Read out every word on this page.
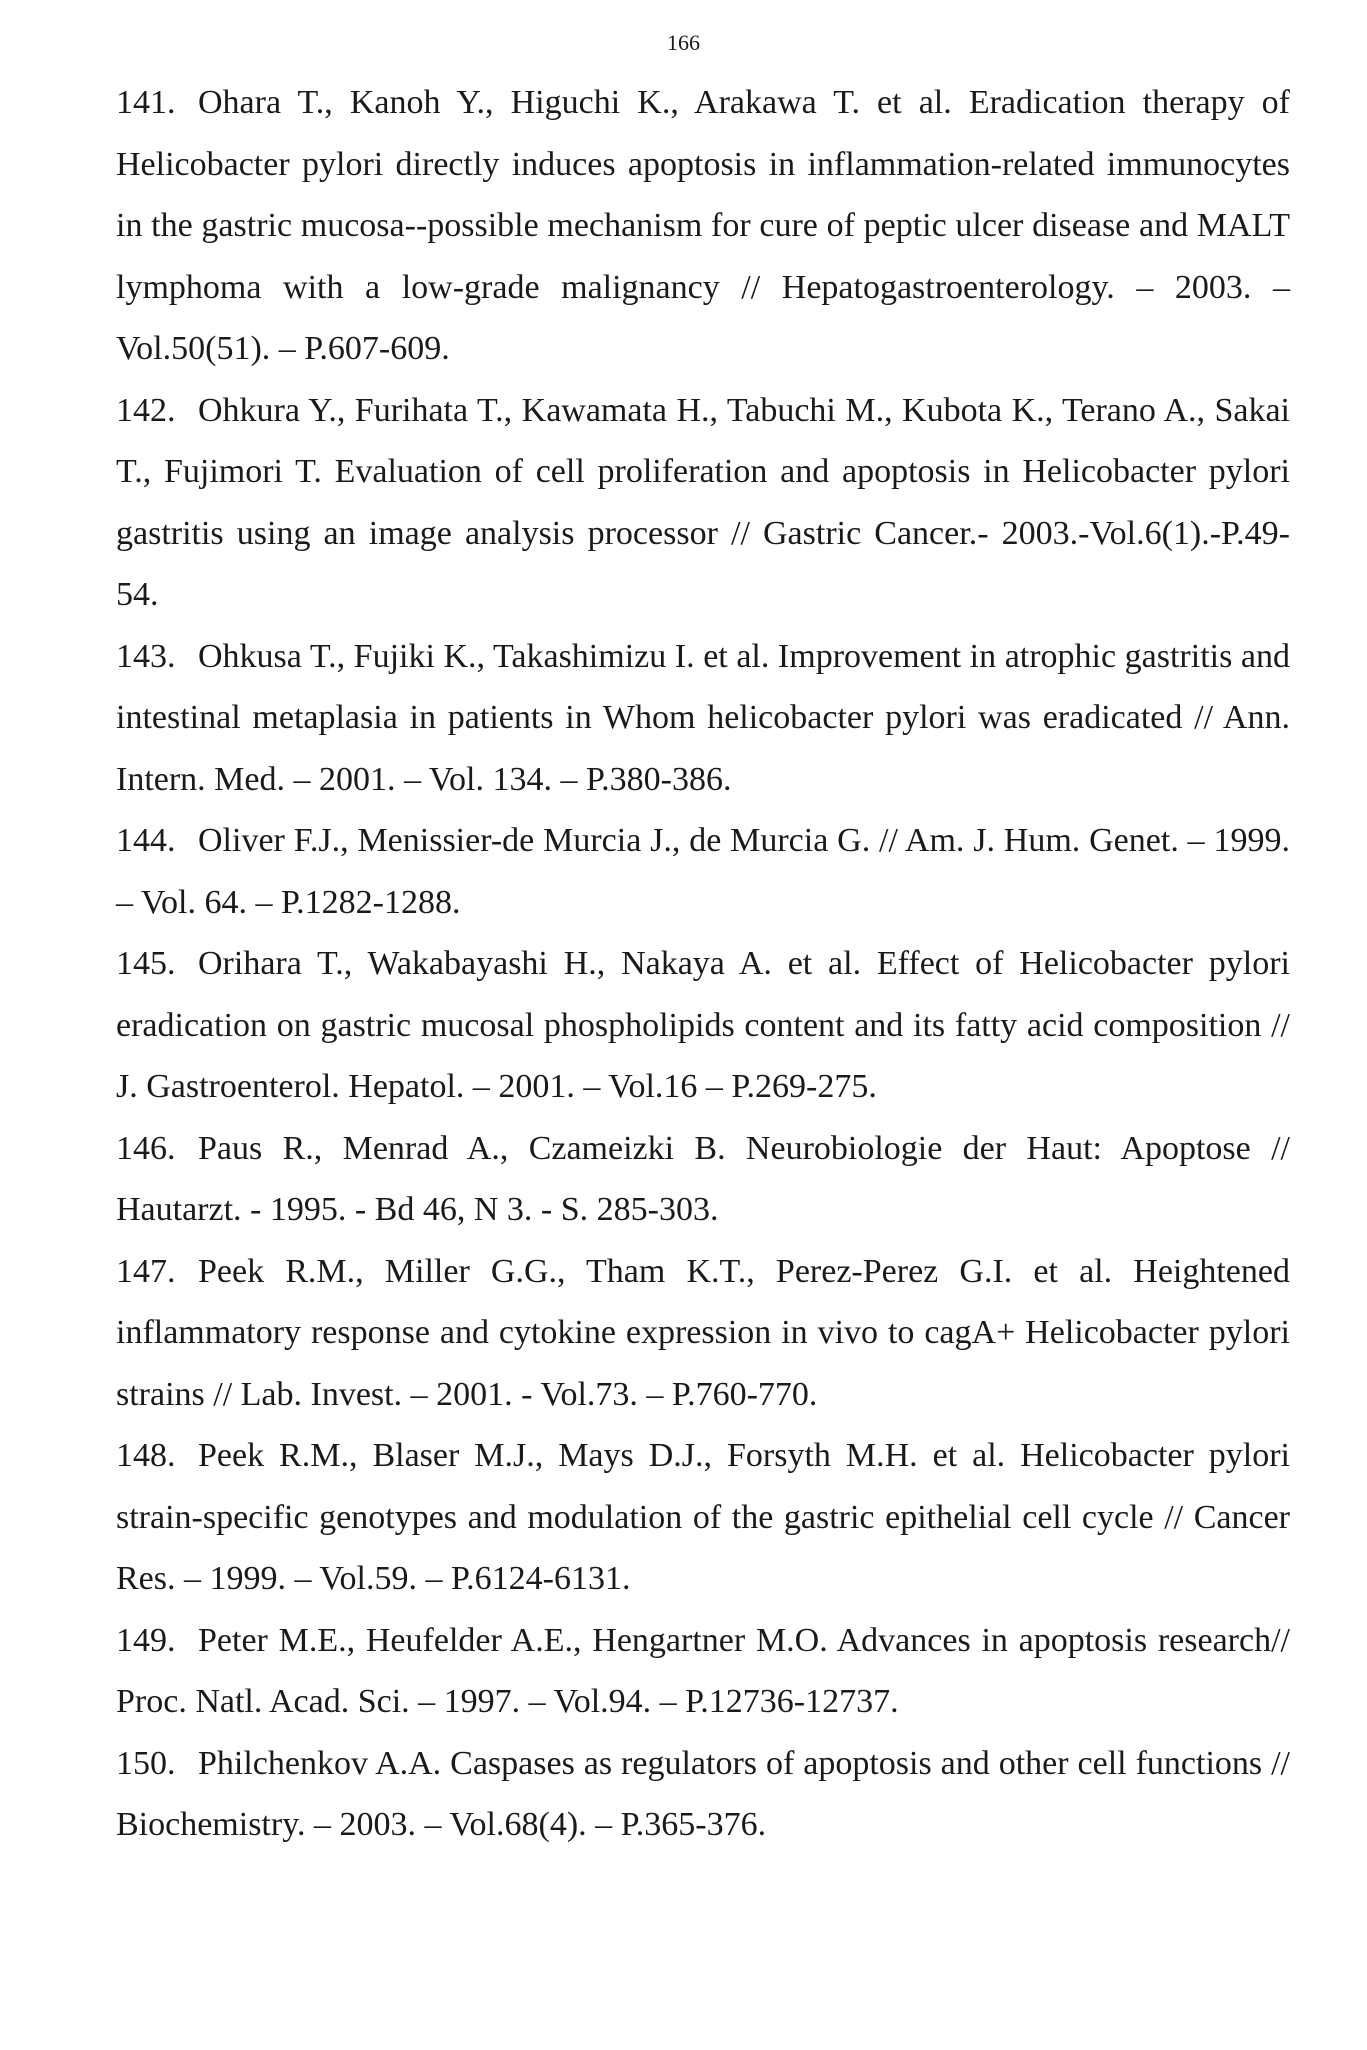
166

141. Ohara T., Kanoh Y., Higuchi K., Arakawa T. et al. Eradication therapy of Helicobacter pylori directly induces apoptosis in inflammation-related immunocytes in the gastric mucosa--possible mechanism for cure of peptic ulcer disease and MALT lymphoma with a low-grade malignancy // Hepatogastroenterology. – 2003. – Vol.50(51). – P.607-609.

142. Ohkura Y., Furihata T., Kawamata H., Tabuchi M., Kubota K., Terano A., Sakai T., Fujimori T. Evaluation of cell proliferation and apoptosis in Helicobacter pylori gastritis using an image analysis processor // Gastric Cancer.- 2003.-Vol.6(1).-P.49-54.

143. Ohkusa T., Fujiki K., Takashimizu I. et al. Improvement in atrophic gastritis and intestinal metaplasia in patients in Whom helicobacter pylori was eradicated // Ann. Intern. Med. – 2001. – Vol. 134. – P.380-386.

144. Oliver F.J., Menissier-de Murcia J., de Murcia G. // Am. J. Hum. Genet. – 1999. – Vol. 64. – P.1282-1288.

145. Orihara T., Wakabayashi H., Nakaya A. et al. Effect of Helicobacter pylori eradication on gastric mucosal phospholipids content and its fatty acid composition // J. Gastroenterol. Hepatol. – 2001. – Vol.16 – P.269-275.

146. Paus R., Menrad A., Czameizki B. Neurobiologie der Haut: Apoptose // Hautarzt. - 1995. - Bd 46, N 3. - S. 285-303.

147. Peek R.M., Miller G.G., Tham K.T., Perez-Perez G.I. et al. Heightened inflammatory response and cytokine expression in vivo to cagA+ Helicobacter pylori strains // Lab. Invest. – 2001. - Vol.73. – P.760-770.

148. Peek R.M., Blaser M.J., Mays D.J., Forsyth M.H. et al. Helicobacter pylori strain-specific genotypes and modulation of the gastric epithelial cell cycle // Cancer Res. – 1999. – Vol.59. – P.6124-6131.

149. Peter M.E., Heufelder A.E., Hengartner M.O. Advances in apoptosis research// Proc. Natl. Acad. Sci. – 1997. – Vol.94. – P.12736-12737.

150. Philchenkov A.A. Caspases as regulators of apoptosis and other cell functions // Biochemistry. – 2003. – Vol.68(4). – P.365-376.
